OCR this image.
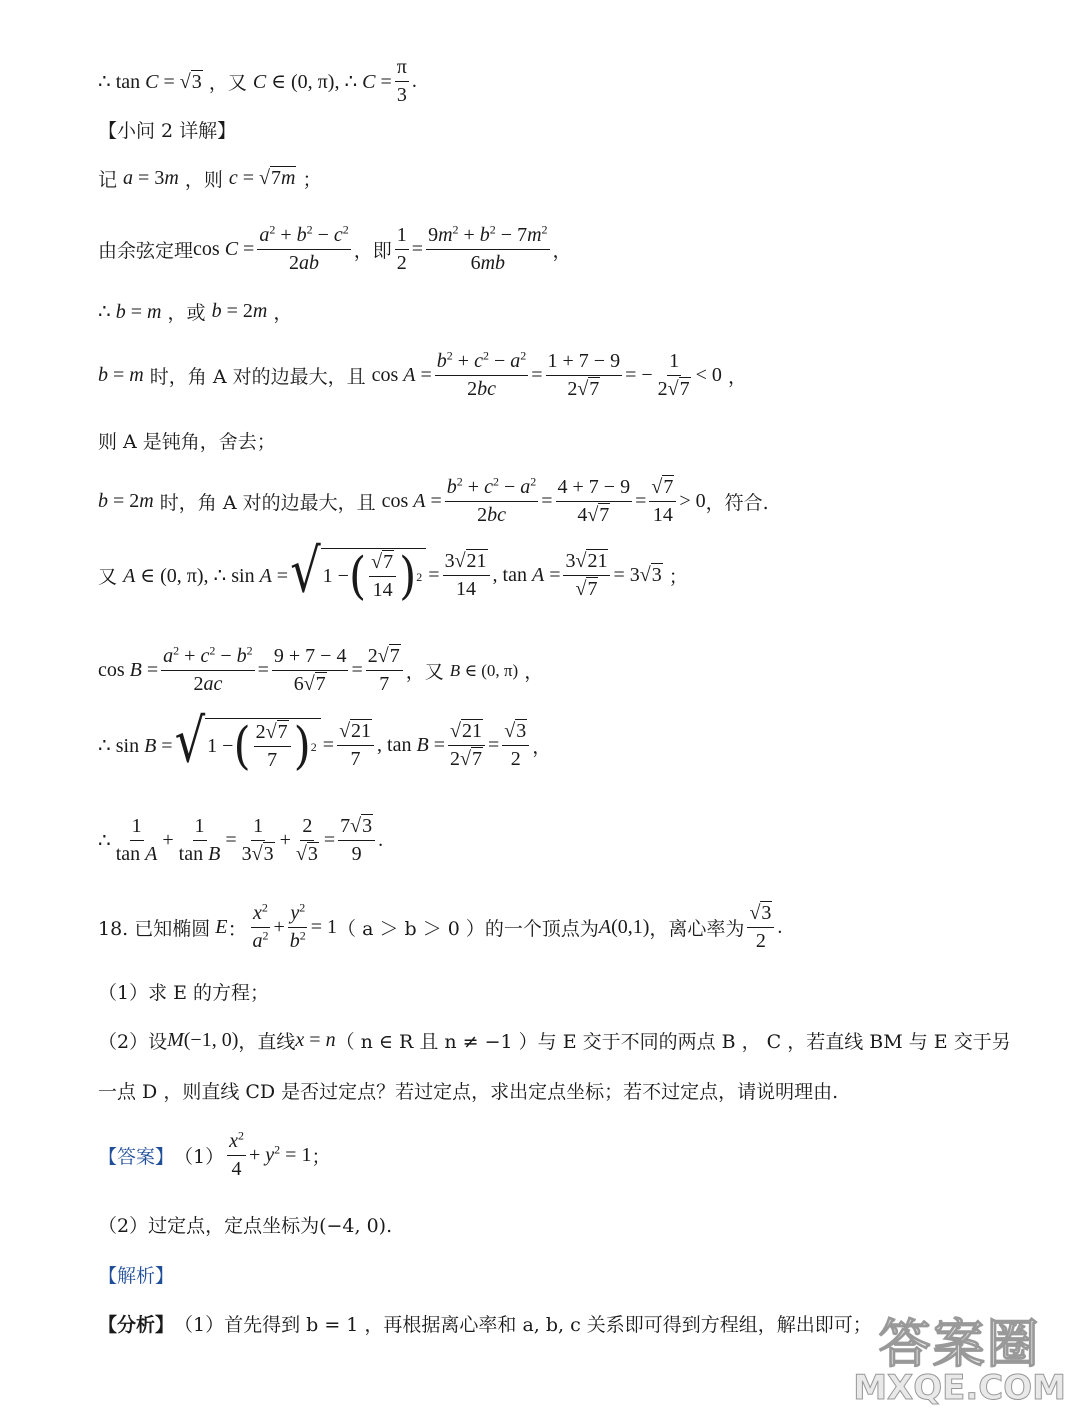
∴ tan C = √3 ，又 C ∈ (0, π), ∴ $C = \frac{\pi}{3}$ .
【小问 2 详解】
记 a = 3m ，则 c = √7m ；
由余弦定理 $\cos C = \frac{a^2 + b^2 - c^2}{2ab}$ ，即 $\frac{1}{2} = \frac{9m^2 + b^2 - 7m^2}{6mb}$ ，
∴ b = m ，或 b = 2m ，
b = m 时，角 A 对的边最大，且 $\cos A = \frac{b^2 + c^2 - a^2}{2bc} = \frac{1 + 7 - 9}{2√7}$ = − $\frac{1}{2√7} < 0$ ，
则 A 是钝角，舍去；
b = 2m 时，角 A 对的边最大，且 $\cos A = \frac{b^2 + c^2 - a^2}{2bc} = \frac{4 + 7 - 9}{4√7} = \frac{√7}{14} > 0$ ，符合.
又
A ∈ (0, π), ∴ sin A = √ 1 − ( $\frac{√7}{14}$ ) $2 = \frac{3√21}{14}$ , $\tan A = \frac{3√21}{√7} = 3√3$ ；
$\cos B = \frac{a^2 + c^2 - b^2}{2ac} = \frac{9 + 7 - 4}{6√7} = \frac{2√7}{7}$ ，又
B ∈ (0, π) ，
∴ sin B = √ 1 − ( $\frac{2√7}{7}$ ) $2 = \frac{√21}{7}$ , $\tan B = \frac{√21}{2√7} = \frac{√3}{2}$ ，
∴ $\frac{1}{\text{tan A}} + \frac{1}{\text{tan B}} = \frac{1}{3√3} + \frac{2}{√3} = \frac{7√3}{9}$ .
18. 已知椭圆 E ： $\frac{x^2}{a^2} + \frac{y^2}{b^2} = 1$ （ a ＞ b ＞ 0 ）的一个顶点为 A(0,1) ，离心率为 $\frac{√3}{2}$ .
（1）求 E 的方程；
（2）设 M(−1, 0) ，直线 x = n （ n ∈ R 且 n ≠ −1 ）与 E 交于不同的两点 B ， C ，若直线 BM 与 E 交于另
一点 D ，则直线 CD 是否过定点？若过定点，求出定点坐标；若不过定点，请说明理由.
【答案】 $(1) \frac{x^2}{4} + y^2 = 1$ ；
（2）过定点，定点坐标为(−4, 0).
【解析】
【分析】 （1）首先得到 b = 1 ，再根据离心率和 a, b, c 关系即可得到方程组，解出即可； 答案圈
MXQE.COM
